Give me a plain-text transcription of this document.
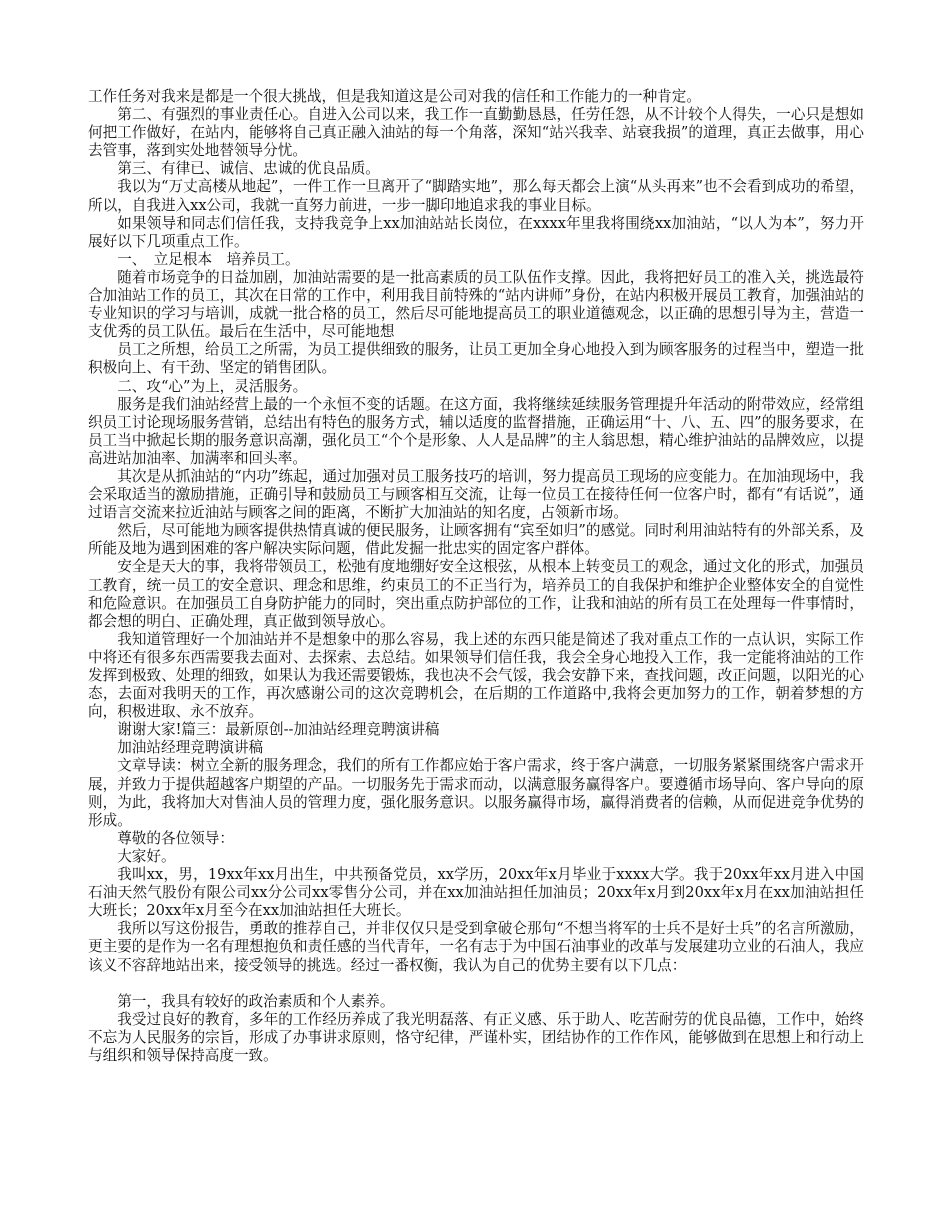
工作任务对我来是都是一个很大挑战，但是我知道这是公司对我的信任和工作能力的一种肯定。

第二、有强烈的事业责任心。自进入公司以来，我工作一直勤勤恳恳，任劳任怨，从不计较个人得失，一心只是想如何把工作做好，在站内，能够将自己真正融入油站的每一个角落，深知“站兴我幸、站衰我损”的道理，真正去做事，用心去管事，落到实处地替领导分忧。

第三、有律已、诚信、忠诚的优良品质。

我以为“万丈高楼从地起”，一件工作一旦离开了“脚踏实地”，那么每天都会上演“从头再来”也不会看到成功的希望，所以，自我进入xx公司，我就一直努力前进，一步一脚印地追求我的事业目标。

如果领导和同志们信任我，支持我竞争上xx加油站站长岗位，在xxxx年里我将围绕xx加油站，“以人为本”，努力开展好以下几项重点工作。

一、　立足根本　培养员工。

随着市场竞争的日益加剧，加油站需要的是一批高素质的员工队伍作支撑。因此，我将把好员工的准入关，挑选最符合加油站工作的员工，其次在日常的工作中，利用我目前特殊的“站内讲师”身份，在站内积极开展员工教育，加强油站的专业知识的学习与培训，成就一批合格的员工，然后尽可能地提高员工的职业道德观念，以正确的思想引导为主，营造一支优秀的员工队伍。最后在生活中，尽可能地想

员工之所想，给员工之所需，为员工提供细致的服务，让员工更加全身心地投入到为顾客服务的过程当中，塑造一批积极向上、有干劲、坚定的销售团队。

二、攻“心”为上，灵活服务。

服务是我们油站经营上最的一个永恒不变的话题。在这方面，我将继续延续服务管理提升年活动的附带效应，经常组织员工讨论现场服务营销，总结出有特色的服务方式，辅以适度的监督措施，正确运用“十、八、五、四”的服务要求，在员工当中掀起长期的服务意识高潮，强化员工“个个是形象、人人是品牌”的主人翁思想，精心维护油站的品牌效应，以提高进站加油率、加满率和回头率。

其次是从抓油站的“内功”练起，通过加强对员工服务技巧的培训，努力提高员工现场的应变能力。在加油现场中，我会采取适当的激励措施，正确引导和鼓励员工与顾客相互交流，让每一位员工在接待任何一位客户时，都有“有话说”，通过语言交流来拉近油站与顾客之间的距离，不断扩大加油站的知名度，占领新市场。

然后，尽可能地为顾客提供热情真诚的便民服务，让顾客拥有“宾至如归”的感觉。同时利用油站特有的外部关系，及所能及地为遇到困难的客户解决实际问题，借此发掘一批忠实的固定客户群体。

安全是天大的事，我将带领员工，松弛有度地绷好安全这根弦，从根本上转变员工的观念，通过文化的形式，加强员工教育，统一员工的安全意识、理念和思维，约束员工的不正当行为，培养员工的自我保护和维护企业整体安全的自觉性和危险意识。在加强员工自身防护能力的同时，突出重点防护部位的工作，让我和油站的所有员工在处理每一件事情时，都会想的明白、正确处理，真正做到领导放心。

我知道管理好一个加油站并不是想象中的那么容易，我上述的东西只能是简述了我对重点工作的一点认识，实际工作中将还有很多东西需要我去面对、去探索、去总结。如果领导们信任我，我会全身心地投入工作，我一定能将油站的工作发挥到极致、处理的细致，如果认为我还需要锻炼，我也决不会气馁，我会安静下来，查找问题，改正问题，以阳光的心态，去面对我明天的工作，再次感谢公司的这次竞聘机会，在后期的工作道路中,我将会更加努力的工作，朝着梦想的方向，积极进取、永不放弃。

谢谢大家!篇三：最新原创--加油站经理竞聘演讲稿

加油站经理竞聘演讲稿

文章导读：树立全新的服务理念，我们的所有工作都应始于客户需求，终于客户满意，一切服务紧紧围绕客户需求开展，并致力于提供超越客户期望的产品。一切服务先于需求而动，以满意服务赢得客户。要遵循市场导向、客户导向的原则，为此，我将加大对售油人员的管理力度，强化服务意识。以服务赢得市场，赢得消费者的信赖，从而促进竞争优势的形成。

尊敬的各位领导：

大家好。

我叫xx，男，19xx年xx月出生，中共预备党员，xx学历，20xx年x月毕业于xxxx大学。我于20xx年xx月进入中国石油天然气股份有限公司xx分公司xx零售分公司，并在xx加油站担任加油员；20xx年x月到20xx年x月在xx加油站担任大班长；20xx年x月至今在xx加油站担任大班长。

我所以写这份报告，勇敢的推荐自己，并非仅仅只是受到拿破仑那句“不想当将军的士兵不是好士兵”的名言所激励，更主要的是作为一名有理想抱负和责任感的当代青年，一名有志于为中国石油事业的改革与发展建功立业的石油人，我应该义不容辞地站出来，接受领导的挑选。经过一番权衡，我认为自己的优势主要有以下几点：

第一，我具有较好的政治素质和个人素养。

我受过良好的教育，多年的工作经历养成了我光明磊落、有正义感、乐于助人、吃苦耐劳的优良品德，工作中，始终不忘为人民服务的宗旨，形成了办事讲求原则，恪守纪律，严谨朴实，团结协作的工作作风，能够做到在思想上和行动上与组织和领导保持高度一致。
